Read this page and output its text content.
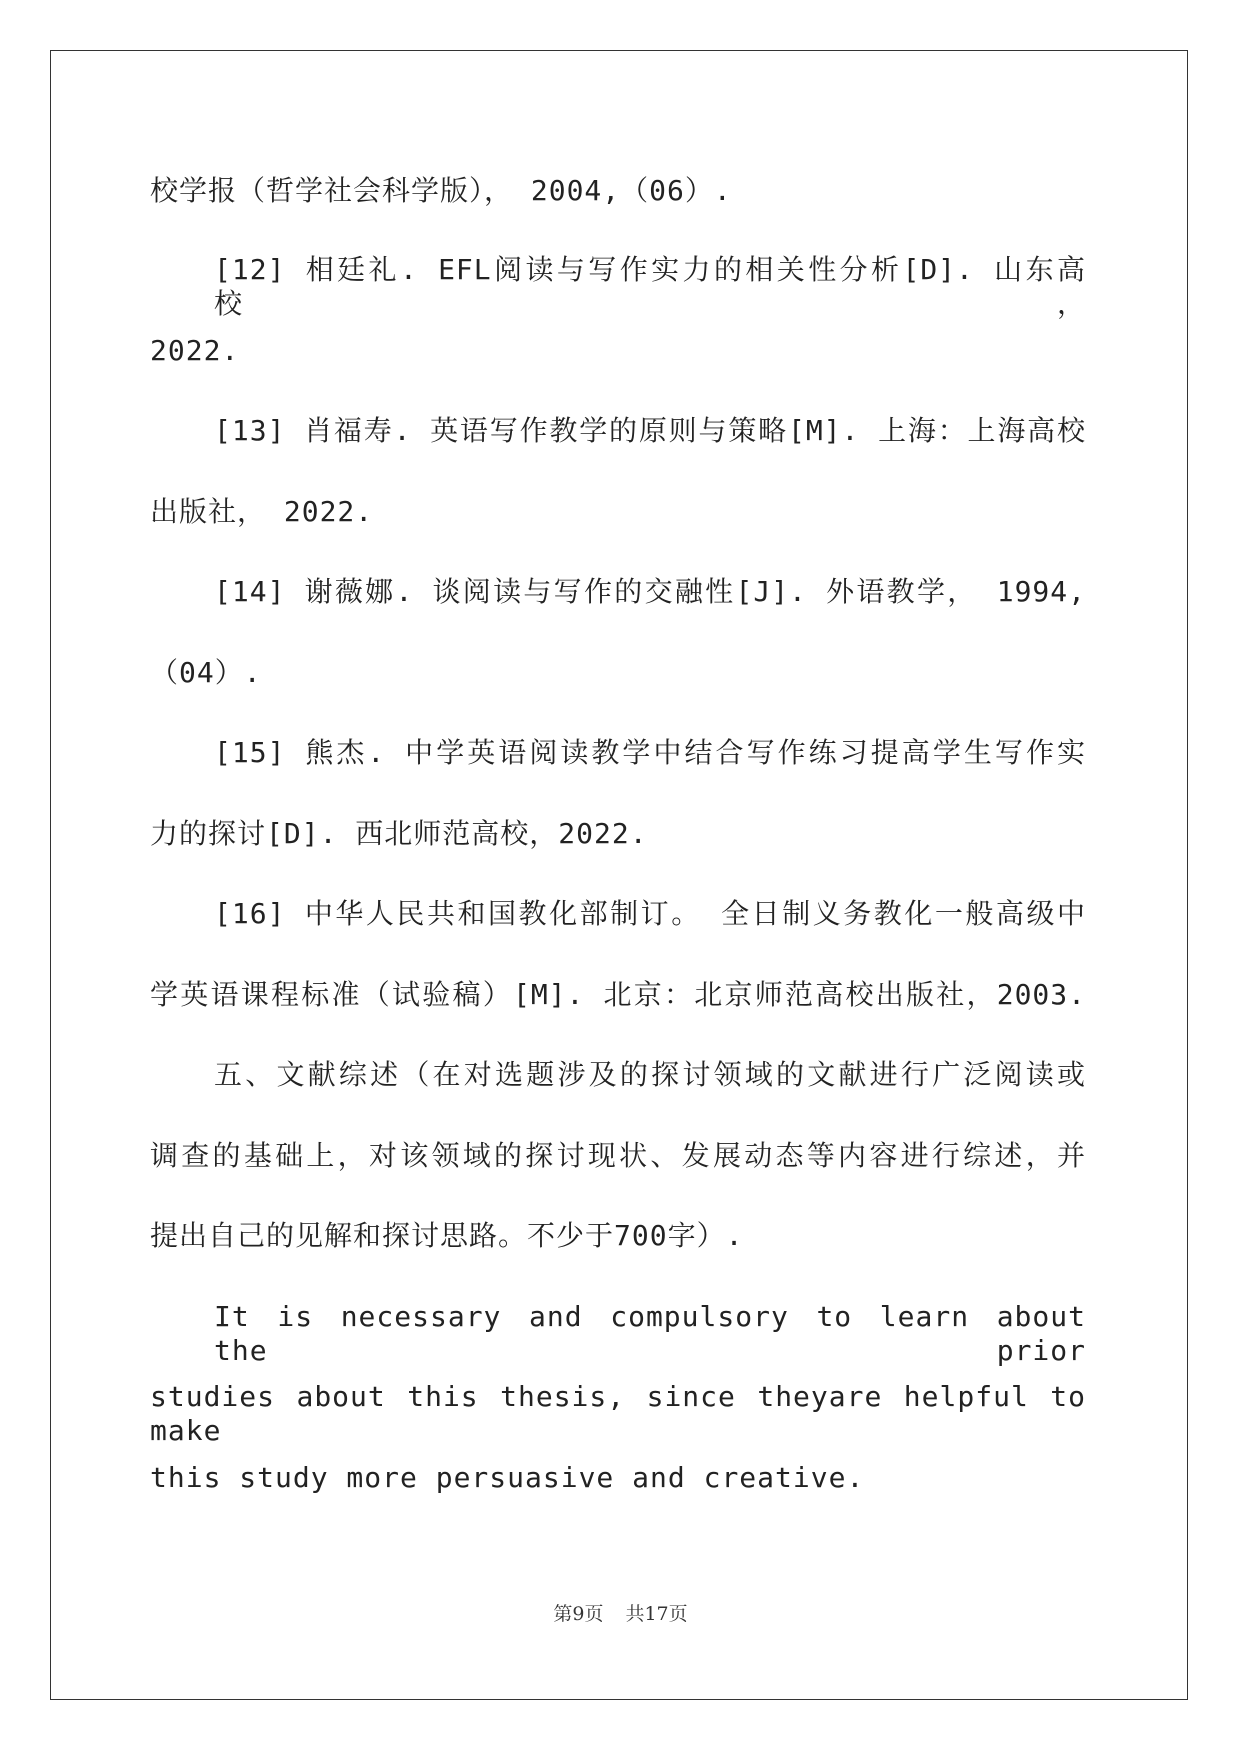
校学报（哲学社会科学版）， 2004,（06）.
[12] 相廷礼. EFL阅读与写作实力的相关性分析[D]. 山东高校，
2022.
[13] 肖福寿. 英语写作教学的原则与策略[M]. 上海：上海高校
出版社， 2022.
[14] 谢薇娜. 谈阅读与写作的交融性[J]. 外语教学， 1994,
（04）.
[15] 熊杰. 中学英语阅读教学中结合写作练习提高学生写作实
力的探讨[D]. 西北师范高校，2022.
[16] 中华人民共和国教化部制订。 全日制义务教化一般高级中
学英语课程标准（试验稿）[M]. 北京：北京师范高校出版社，2003.
五、文献综述（在对选题涉及的探讨领域的文献进行广泛阅读或
调查的基础上，对该领域的探讨现状、发展动态等内容进行综述，并
提出自己的见解和探讨思路。不少于700字）.
It is necessary and compulsory to learn about the prior
studies about this thesis, since theyare helpful to make
this study more persuasive and creative.
第9页 共17页
